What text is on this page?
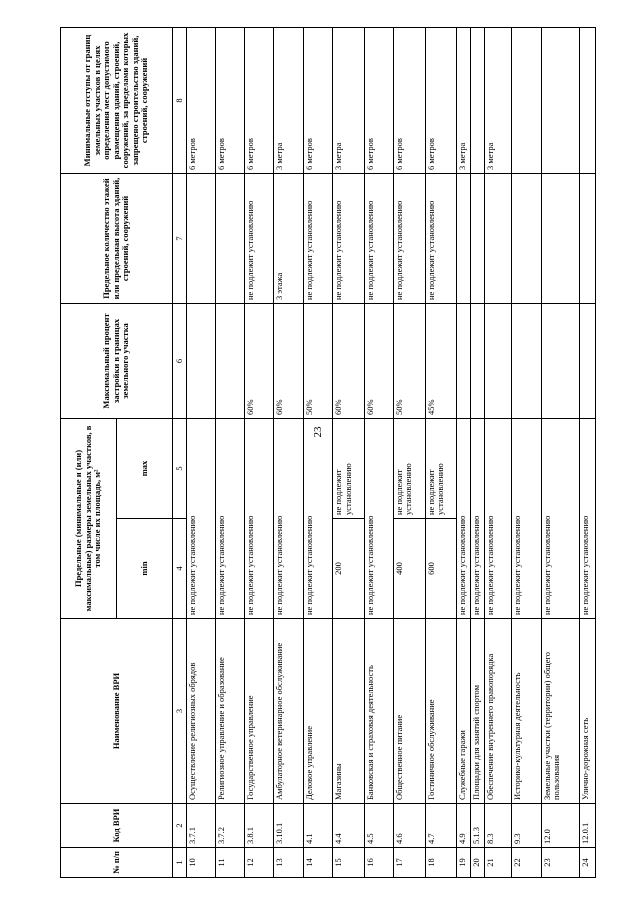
23
№ п/п	Код ВРИ	Наименование ВРИ	Предельные (минимальные и (или) максимальные) размеры земельных участков, в том числе их площадь, м²		Максимальный процент застройки в границах земельного участка	Предельное количество этажей или предельная высота зданий, строений, сооружений	Минимальные отступы от границ земельных участков в целях определения мест допустимого размещения зданий, строений, сооружений, за пределами которых запрещено строительство зданий, строений, сооружений
			min	max			
1	2	3	4	5	6	7	8
10	3.7.1	Осуществление религиозных обрядов	не подлежит установлению				6 метров
11	3.7.2	Религиозное управление и образование	не подлежит установлению				6 метров
12	3.8.1	Государственное управление	не подлежит установлению		60%	не подлежит установлению	6 метров
13	3.10.1	Амбулаторное ветеринарное обслуживание	не подлежит установлению		60%	3 этажа	3 метра
14	4.1	Деловое управление	не подлежит установлению		50%	не подлежит установлению	6 метров
15	4.4	Магазины	200	не подлежит установлению	60%	не подлежит установлению	3 метра
16	4.5	Банковская и страховая деятельность	не подлежит установлению		60%	не подлежит установлению	6 метров
17	4.6	Общественное питание	400	не подлежит установлению	50%	не подлежит установлению	6 метров
18	4.7	Гостиничное обслуживание	600	не подлежит установлению	45%	не подлежит установлению	6 метров
19	4.9	Служебные гаражи	не подлежит установлению				3 метра
20	5.1.3	Площадки для занятий спортом	не подлежит установлению				
21	8.3	Обеспечение внутреннего правопорядка	не подлежит установлению				3 метра
22	9.3	Историко-культурная деятельность	не подлежит установлению				
23	12.0	Земельные участки (территории) общего пользования	не подлежит установлению				
24	12.0.1	Улично-дорожная сеть	не подлежит установлению				
